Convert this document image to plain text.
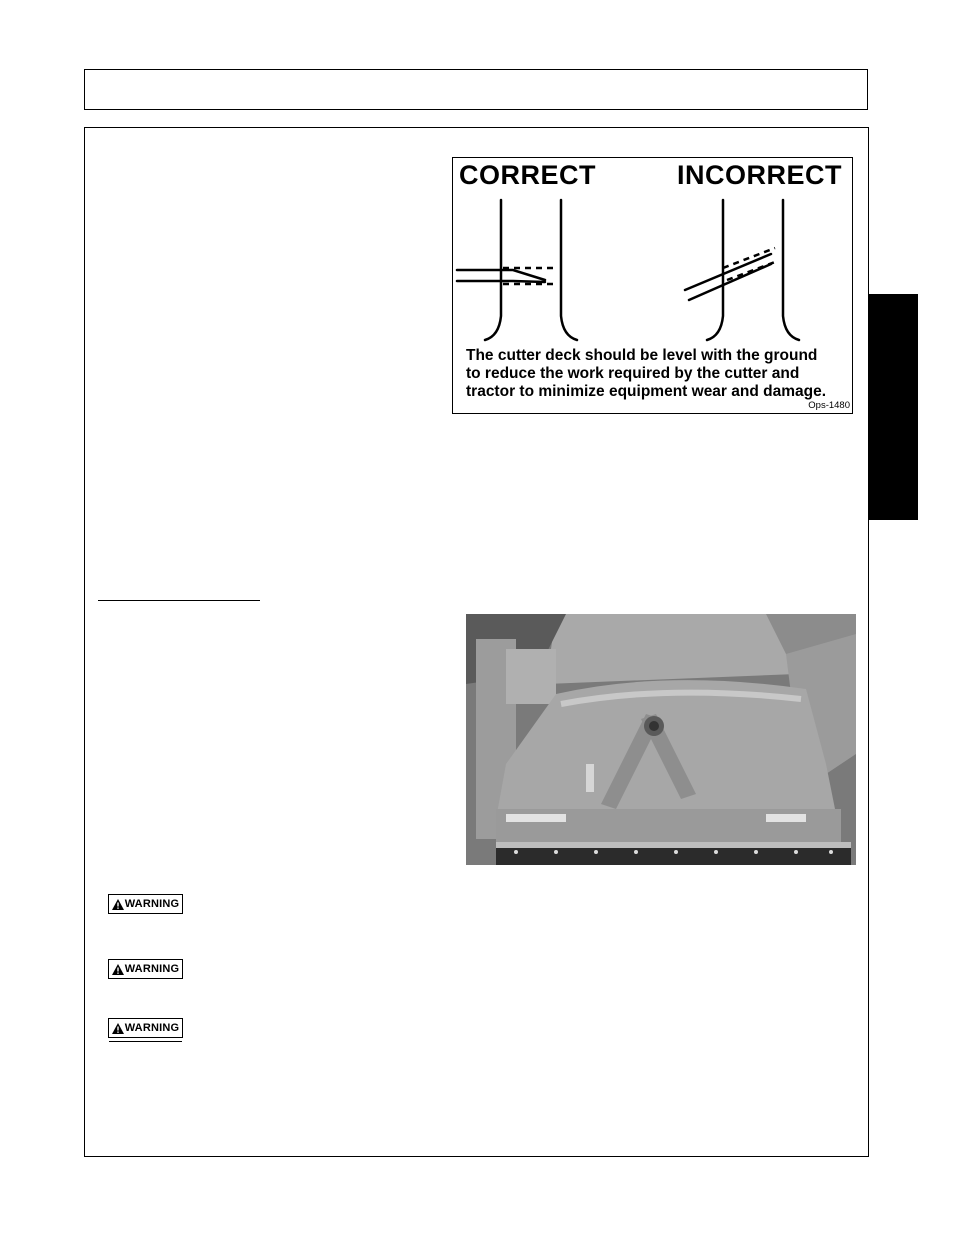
CORRECT	INCORRECT
The cutter deck should be level with the ground
to reduce the work required by the cutter and
tractor to minimize equipment wear and damage.
Ops-1480
WARNING
WARNING
WARNING
